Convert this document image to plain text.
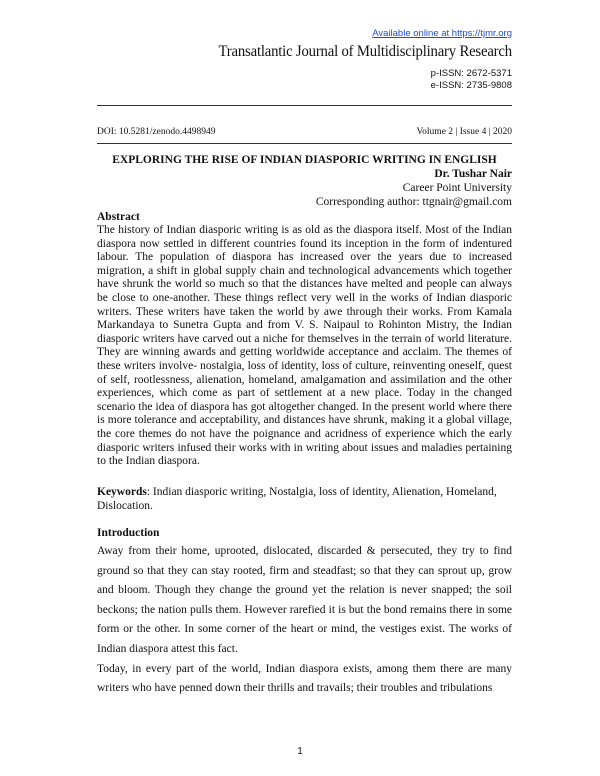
Available online at https://tjmr.org
Transatlantic Journal of Multidisciplinary Research
p-ISSN: 2672-5371
e-ISSN: 2735-9808
DOI: 10.5281/zenodo.4498949	Volume 2 | Issue 4 | 2020
EXPLORING THE RISE OF INDIAN DIASPORIC WRITING IN ENGLISH
Dr. Tushar Nair
Career Point University
Corresponding author: ttgnair@gmail.com
Abstract

The history of Indian diasporic writing is as old as the diaspora itself. Most of the Indian diaspora now settled in different countries found its inception in the form of indentured labour. The population of diaspora has increased over the years due to increased migration, a shift in global supply chain and technological advancements which together have shrunk the world so much so that the distances have melted and people can always be close to one-another. These things reflect very well in the works of Indian diasporic writers. These writers have taken the world by awe through their works. From Kamala Markandaya to Sunetra Gupta and from V. S. Naipaul to Rohinton Mistry, the Indian diasporic writers have carved out a niche for themselves in the terrain of world literature. They are winning awards and getting worldwide acceptance and acclaim. The themes of these writers involve- nostalgia, loss of identity, loss of culture, reinventing oneself, quest of self, rootlessness, alienation, homeland, amalgamation and assimilation and the other experiences, which come as part of settlement at a new place. Today in the changed scenario the idea of diaspora has got altogether changed. In the present world where there is more tolerance and acceptability, and distances have shrunk, making it a global village, the core themes do not have the poignance and acridness of experience which the early diasporic writers infused their works with in writing about issues and maladies pertaining to the Indian diaspora.

Keywords: Indian diasporic writing, Nostalgia, loss of identity, Alienation, Homeland, Dislocation.

Introduction

Away from their home, uprooted, dislocated, discarded & persecuted, they try to find ground so that they can stay rooted, firm and steadfast; so that they can sprout up, grow and bloom. Though they change the ground yet the relation is never snapped; the soil beckons; the nation pulls them. However rarefied it is but the bond remains there in some form or the other. In some corner of the heart or mind, the vestiges exist. The works of Indian diaspora attest this fact.

Today, in every part of the world, Indian diaspora exists, among them there are many writers who have penned down their thrills and travails; their troubles and tribulations

1
